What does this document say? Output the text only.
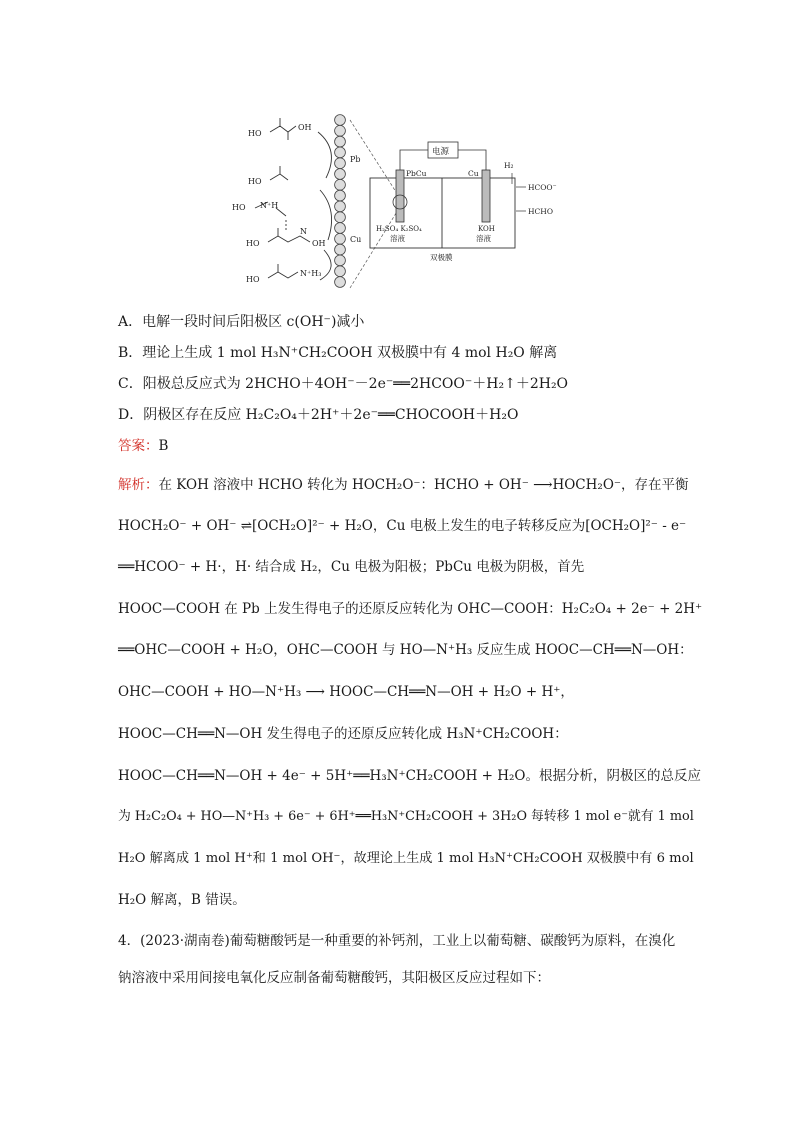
HO
OH
HO
HO N⁺H
HO
N
OH
HO
N⁺H₃
Pb
Cu
电源
PbCu	Cu
H₂
HCOO⁻
HCHO
H₂SO₄ K₂SO₄
溶液
KOH
溶液
双极膜
A．电解一段时间后阳极区 c(OH⁻)减小
B．理论上生成 1 mol H₃N⁺CH₂COOH 双极膜中有 4 mol H₂O 解离
C．阳极总反应式为 2HCHO＋4OH⁻－2e⁻══2HCOO⁻＋H₂↑＋2H₂O
D．阴极区存在反应 H₂C₂O₄＋2H⁺＋2e⁻══CHOCOOH＋H₂O
答案：B
解析：在 KOH 溶液中 HCHO 转化为 HOCH₂O⁻：HCHO + OH⁻ ⟶HOCH₂O⁻，存在平衡
HOCH₂O⁻ + OH⁻ ⇌[OCH₂O]²⁻ + H₂O，Cu 电极上发生的电子转移反应为[OCH₂O]²⁻ - e⁻
══HCOO⁻ + H·，H· 结合成 H₂，Cu 电极为阳极；PbCu 电极为阴极，首先
HOOC—COOH 在 Pb 上发生得电子的还原反应转化为 OHC—COOH：H₂C₂O₄ + 2e⁻ + 2H⁺
══OHC—COOH + H₂O，OHC—COOH 与 HO—N⁺H₃ 反应生成 HOOC—CH══N—OH：
OHC—COOH + HO—N⁺H₃ ⟶ HOOC—CH══N—OH + H₂O + H⁺，
HOOC—CH══N—OH 发生得电子的还原反应转化成 H₃N⁺CH₂COOH：
HOOC—CH══N—OH + 4e⁻ + 5H⁺══H₃N⁺CH₂COOH + H₂O。根据分析，阴极区的总反应
为 H₂C₂O₄ + HO—N⁺H₃ + 6e⁻ + 6H⁺══H₃N⁺CH₂COOH + 3H₂O 每转移 1 mol e⁻就有 1 mol
H₂O 解离成 1 mol H⁺和 1 mol OH⁻，故理论上生成 1 mol H₃N⁺CH₂COOH 双极膜中有 6 mol
H₂O 解离，B 错误。
4．(2023·湖南卷)葡萄糖酸钙是一种重要的补钙剂，工业上以葡萄糖、碳酸钙为原料，在溴化
钠溶液中采用间接电氧化反应制备葡萄糖酸钙，其阳极区反应过程如下：
